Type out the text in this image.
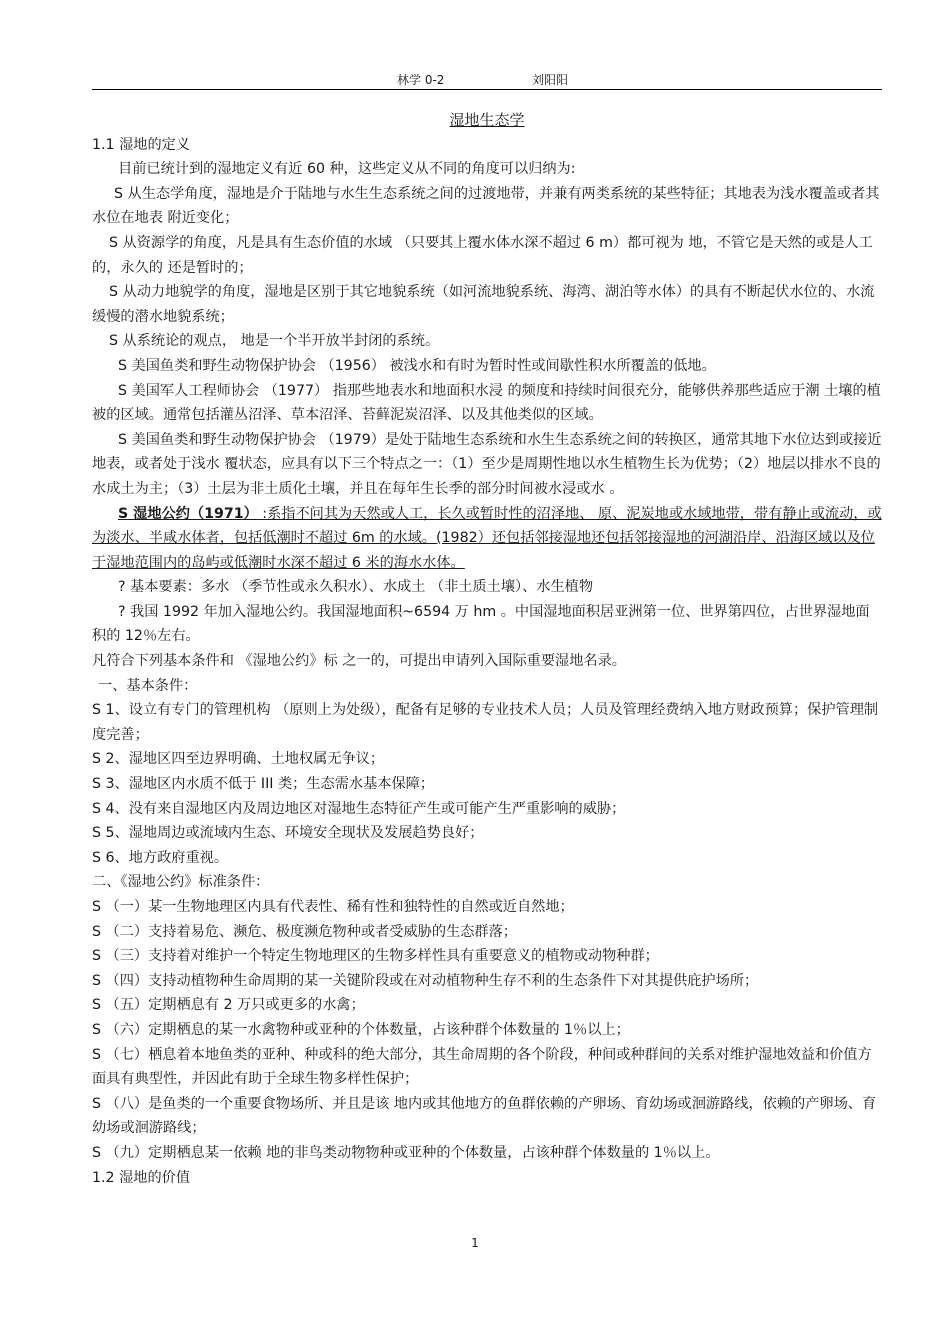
林学 0-2	刘阳阳

湿地生态学

1.1 湿地的定义

目前已统计到的湿地定义有近 60 种，这些定义从不同的角度可以归纳为:

S 从生态学角度，湿地是介于陆地与水生生态系统之间的过渡地带，并兼有两类系统的某些特征；其地表为浅水覆盖或者其水位在地表 附近变化；

S 从资源学的角度，凡是具有生态价值的水域 （只要其上覆水体水深不超过 6 m）都可视为 地，不管它是天然的或是人工的，永久的 还是暂时的；

S 从动力地貌学的角度，湿地是区别于其它地貌系统（如河流地貌系统、海湾、湖泊等水体）的具有不断起伏水位的、水流缓慢的潜水地貌系统；

S 从系统论的观点， 地是一个半开放半封闭的系统。

S 美国鱼类和野生动物保护协会 （1956） 被浅水和有时为暂时性或间歇性积水所覆盖的低地。

S 美国军人工程师协会 （1977） 指那些地表水和地面积水浸 的频度和持续时间很充分，能够供养那些适应于潮 土壤的植被的区域。通常包括灌丛沼泽、草本沼泽、苔藓泥炭沼泽、以及其他类似的区域。

S 美国鱼类和野生动物保护协会 （1979）是处于陆地生态系统和水生生态系统之间的转换区，通常其地下水位达到或接近地表，或者处于浅水 覆状态，应具有以下三个特点之一：（1）至少是周期性地以水生植物生长为优势；（2）地层以排水不良的水成土为主；（3）土层为非土质化土壤，并且在每年生长季的部分时间被水浸或水 。

S 湿地公约（1971） :系指不问其为天然或人工，长久或暂时性的沼泽地、 原、泥炭地或水域地带，带有静止或流动，或为淡水、半咸水体者，包括低潮时不超过 6m 的水域。(1982）还包括邻接湿地还包括邻接湿地的河湖沿岸、沿海区域以及位于湿地范围内的岛屿或低潮时水深不超过 6 米的海水水体。

? 基本要素：多水 （季节性或永久积水）、水成土 （非土质土壤）、水生植物

? 我国 1992 年加入湿地公约。我国湿地面积~6594 万 hm 。中国湿地面积居亚洲第一位、世界第四位，占世界湿地面积的 12％左右。

凡符合下列基本条件和 《湿地公约》标 之一的，可提出申请列入国际重要湿地名录。

一、基本条件：

S 1、设立有专门的管理机构 （原则上为处级），配备有足够的专业技术人员；人员及管理经费纳入地方财政预算；保护管理制度完善；

S 2、湿地区四至边界明确、土地权属无争议；

S 3、湿地区内水质不低于 III 类；生态需水基本保障；

S 4、没有来自湿地区内及周边地区对湿地生态特征产生或可能产生严重影响的威胁；

S 5、湿地周边或流域内生态、环境安全现状及发展趋势良好；

S 6、地方政府重视。

二、《湿地公约》标准条件：

S （一）某一生物地理区内具有代表性、稀有性和独特性的自然或近自然地；

S （二）支持着易危、濒危、极度濒危物种或者受威胁的生态群落；

S （三）支持着对维护一个特定生物地理区的生物多样性具有重要意义的植物或动物种群；

S （四）支持动植物种生命周期的某一关键阶段或在对动植物种生存不利的生态条件下对其提供庇护场所；

S （五）定期栖息有 2 万只或更多的水禽；

S （六）定期栖息的某一水禽物种或亚种的个体数量，占该种群个体数量的 1％以上；

S （七）栖息着本地鱼类的亚种、种或科的绝大部分，其生命周期的各个阶段，种间或种群间的关系对维护湿地效益和价值方面具有典型性，并因此有助于全球生物多样性保护；

S （八）是鱼类的一个重要食物场所、并且是该 地内或其他地方的鱼群依赖的产卵场、育幼场或洄游路线，依赖的产卵场、育幼场或洄游路线；

S （九）定期栖息某一依赖 地的非鸟类动物物种或亚种的个体数量，占该种群个体数量的 1％以上。

1.2 湿地的价值

1
